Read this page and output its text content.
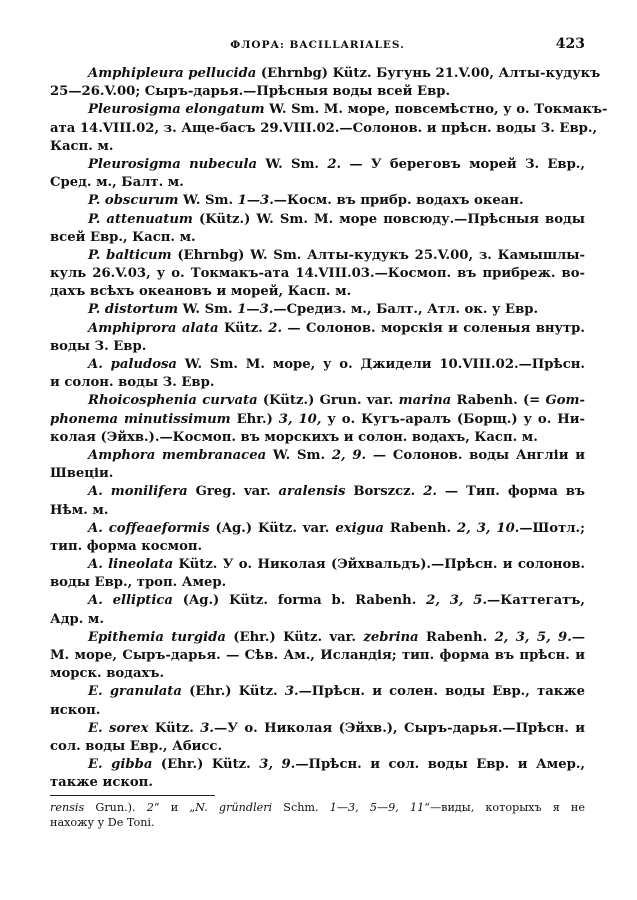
ФЛОРА: BACILLARIALES.	423
Amphipleura pellucida (Ehrnbg) Kütz. Бугунь 21.V.00, Алты-кудукъ
25—26.V.00; Сыръ-дарья.—Прѣсныя воды всей Евр.
Pleurosigma elongatum W. Sm. М. море, повсемѣстно, у о. Токмакъ-
ата 14.VIII.02, з. Аще-басъ 29.VIII.02.—Солонов. и прѣсн. воды З. Евр.,
Касп. м.
Pleurosigma nubecula W. Sm. 2. — У береговъ морей З. Евр.,
Сред. м., Балт. м.
P. obscurum W. Sm. 1—3.—Косм. въ прибр. водахъ океан.
P. attenuatum (Kütz.) W. Sm. М. море повсюду.—Прѣсныя воды
всей Евр., Касп. м.
P. balticum (Ehrnbg) W. Sm. Алты-кудукъ 25.V.00, з. Камышлы-
куль 26.V.03, у о. Токмакъ-ата 14.VIII.03.—Космоп. въ прибреж. во-
дахъ всѣхъ океановъ и морей, Касп. м.
P. distortum W. Sm. 1—3.—Средиз. м., Балт., Атл. ок. у Евр.
Amphiprora alata Kütz. 2. — Солонов. морскія и соленыя внутр.
воды З. Евр.
A. paludosa W. Sm. М. море, у о. Джидели 10.VIII.02.—Прѣсн.
и солон. воды З. Евр.
Rhoicosphenia curvata (Kütz.) Grun. var. marina Rabenh. (= Gom-
phonema minutissimum Ehr.) 3, 10, у о. Кугъ-аралъ (Борщ.) у о. Ни-
колая (Эйхв.).—Космоп. въ морскихъ и солон. водахъ, Касп. м.
Amphora membranacea W. Sm. 2, 9. — Солонов. воды Англіи и
Швеціи.
A. monilifera Greg. var. aralensis Borszcz. 2. — Тип. форма въ
Нѣм. м.
A. coffeaeformis (Ag.) Kütz. var. exigua Rabenh. 2, 3, 10.—Шотл.;
тип. форма космоп.
A. lineolata Kütz. У о. Николая (Эйхвальдъ).—Прѣсн. и солонов.
воды Евр., троп. Амер.
A. elliptica (Ag.) Kütz. forma b. Rabenh. 2, 3, 5.—Каттегатъ,
Адр. м.
Epithemia turgida (Ehr.) Kütz. var. zebrina Rabenh. 2, 3, 5, 9.—
М. море, Сыръ-дарья. — Сѣв. Ам., Исландія; тип. форма въ прѣсн. и
морск. водахъ.
E. granulata (Ehr.) Kütz. 3.—Прѣсн. и солен. воды Евр., также
ископ.
E. sorex Kütz. 3.—У о. Николая (Эйхв.), Сыръ-дарья.—Прѣсн. и
сол. воды Евр., Абисс.
E. gibba (Ehr.) Kütz. 3, 9.—Прѣсн. и сол. воды Евр. и Амер.,
также ископ.
rensis Grun.). 2“ и „N. gründleri Schm. 1—3, 5—9, 11“—виды, которыхъ я не
нахожу у De Toni.
